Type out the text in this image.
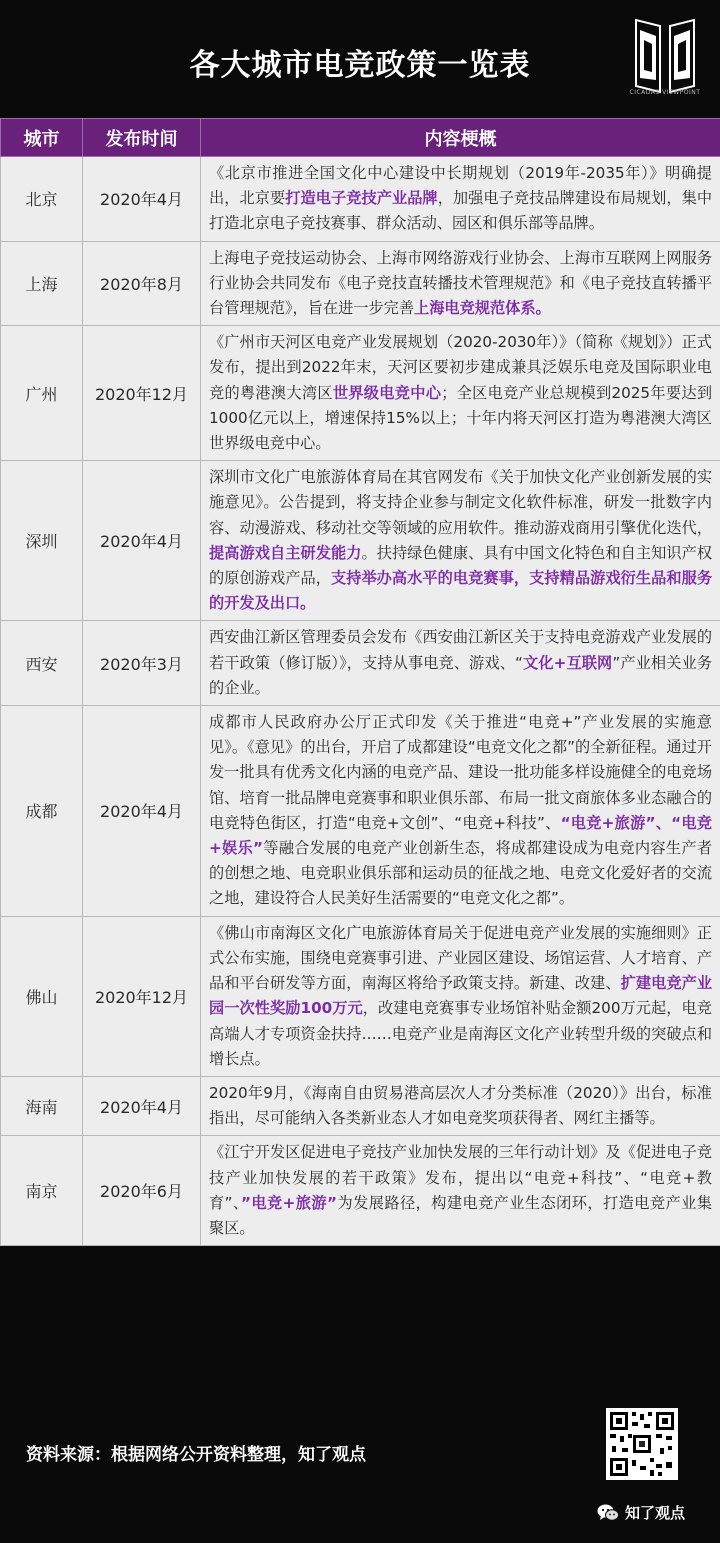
各大城市电竞政策一览表
CICADAS VIEWPOINT
城市	发布时间	内容梗概
北京	2020年4月	《北京市推进全国文化中心建设中长期规划（2019年-2035年）》明确提出，北京要打造电子竞技产业品牌，加强电子竞技品牌建设布局规划，集中打造北京电子竞技赛事、群众活动、园区和俱乐部等品牌。
上海	2020年8月	上海电子竞技运动协会、上海市网络游戏行业协会、上海市互联网上网服务行业协会共同发布《电子竞技直转播技术管理规范》和《电子竞技直转播平台管理规范》，旨在进一步完善上海电竞规范体系。
广州	2020年12月	《广州市天河区电竞产业发展规划（2020-2030年）》（简称《规划》）正式发布，提出到2022年末，天河区要初步建成兼具泛娱乐电竞及国际职业电竞的粤港澳大湾区世界级电竞中心；全区电竞产业总规模到2025年要达到1000亿元以上，增速保持15%以上；十年内将天河区打造为粤港澳大湾区世界级电竞中心。
深圳	2020年4月	深圳市文化广电旅游体育局在其官网发布《关于加快文化产业创新发展的实施意见》。公告提到，将支持企业参与制定文化软件标准，研发一批数字内容、动漫游戏、移动社交等领域的应用软件。推动游戏商用引擎优化迭代，提高游戏自主研发能力。扶持绿色健康、具有中国文化特色和自主知识产权的原创游戏产品，支持举办高水平的电竞赛事，支持精品游戏衍生品和服务的开发及出口。
西安	2020年3月	西安曲江新区管理委员会发布《西安曲江新区关于支持电竞游戏产业发展的若干政策（修订版）》，支持从事电竞、游戏、“文化+互联网”产业相关业务的企业。
成都	2020年4月	成都市人民政府办公厅正式印发《关于推进“电竞+”产业发展的实施意见》。《意见》的出台，开启了成都建设“电竞文化之都”的全新征程。通过开发一批具有优秀文化内涵的电竞产品、建设一批功能多样设施健全的电竞场馆、培育一批品牌电竞赛事和职业俱乐部、布局一批文商旅体多业态融合的电竞特色街区，打造“电竞+文创”、“电竞+科技”、“电竞+旅游”、“电竞+娱乐”等融合发展的电竞产业创新生态，将成都建设成为电竞内容生产者的创想之地、电竞职业俱乐部和运动员的征战之地、电竞文化爱好者的交流之地，建设符合人民美好生活需要的“电竞文化之都”。
佛山	2020年12月	《佛山市南海区文化广电旅游体育局关于促进电竞产业发展的实施细则》正式公布实施，围绕电竞赛事引进、产业园区建设、场馆运营、人才培育、产品和平台研发等方面，南海区将给予政策支持。新建、改建、扩建电竞产业园一次性奖励100万元，改建电竞赛事专业场馆补贴金额200万元起，电竞高端人才专项资金扶持……电竞产业是南海区文化产业转型升级的突破点和增长点。
海南	2020年4月	2020年9月，《海南自由贸易港高层次人才分类标准（2020）》出台，标准指出，尽可能纳入各类新业态人才如电竞奖项获得者、网红主播等。
南京	2020年6月	《江宁开发区促进电子竞技产业加快发展的三年行动计划》及《促进电子竞技产业加快发展的若干政策》发布，提出以“电竞+科技”、“电竞+教育”、”电竞+旅游”为发展路径，构建电竞产业生态闭环，打造电竞产业集聚区。
资料来源：根据网络公开资料整理，知了观点
知了观点
